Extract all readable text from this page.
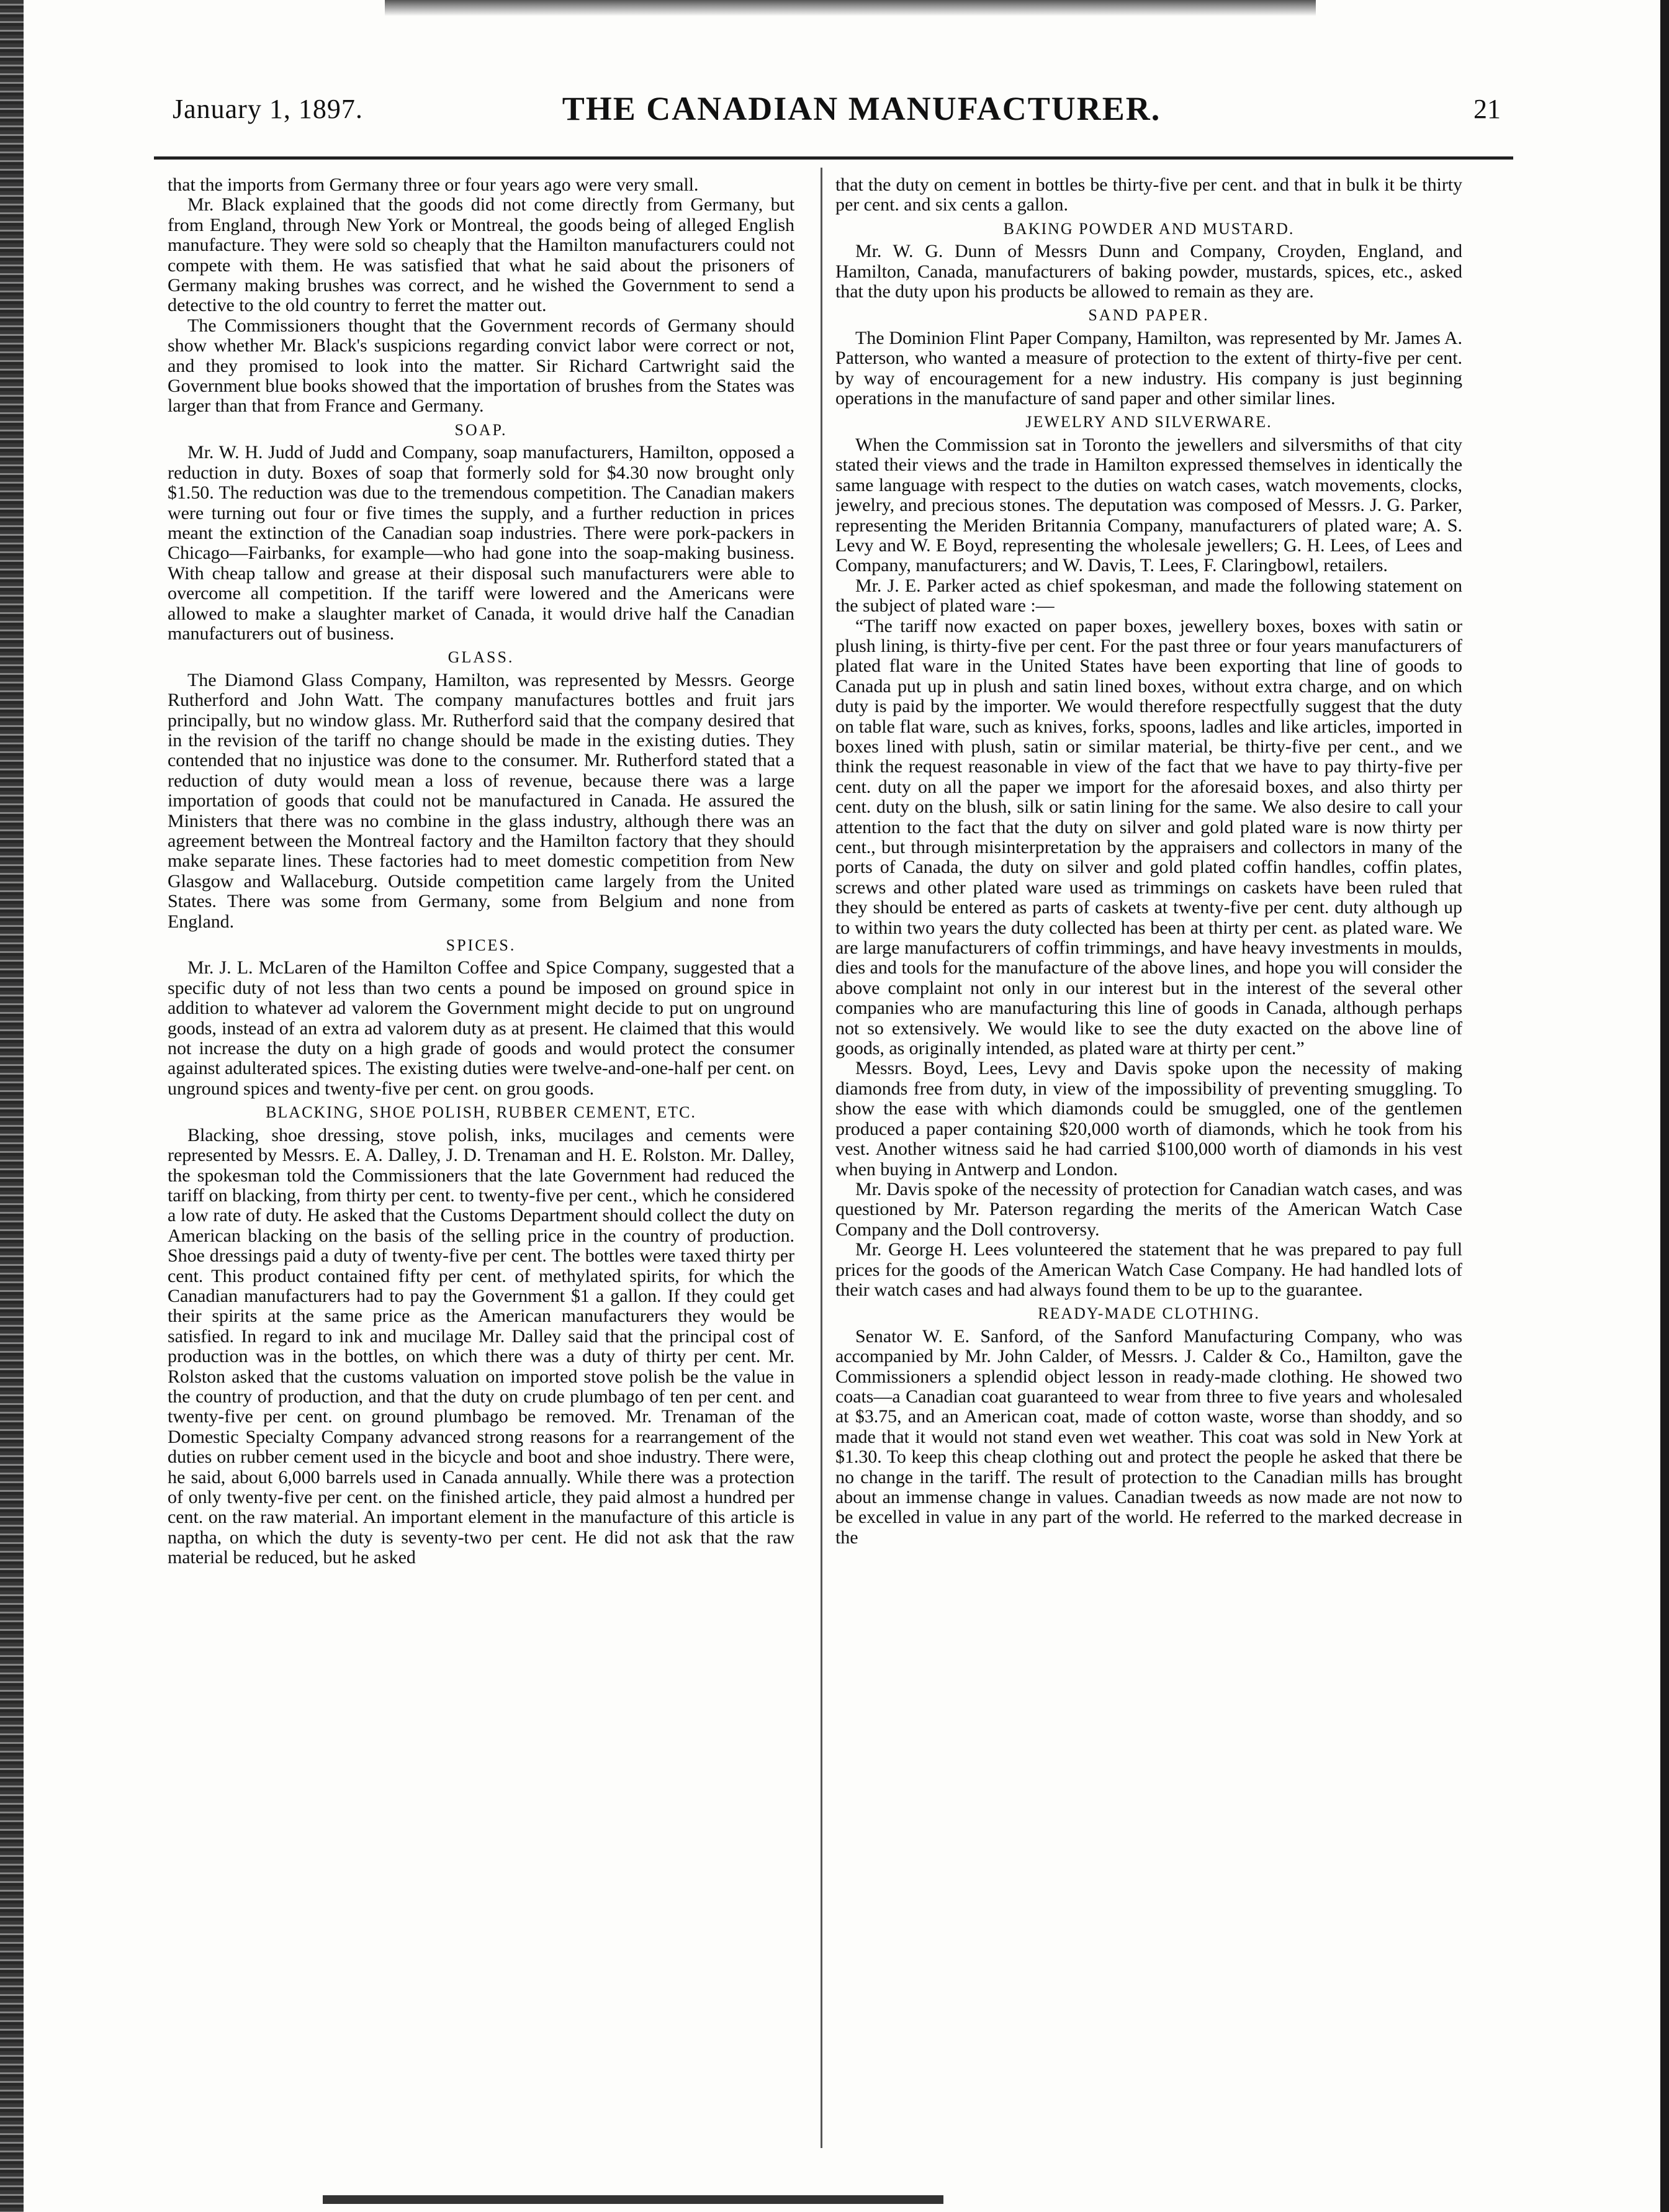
January 1, 1897.	THE CANADIAN MANUFACTURER.	21

that the imports from Germany three or four years ago were very small.

Mr. Black explained that the goods did not come directly from Germany, but from England, through New York or Montreal, the goods being of alleged English manufacture. They were sold so cheaply that the Hamilton manufacturers could not compete with them. He was satisfied that what he said about the prisoners of Germany making brushes was correct, and he wished the Government to send a detective to the old country to ferret the matter out.

The Commissioners thought that the Government records of Germany should show whether Mr. Black's suspicions regarding convict labor were correct or not, and they promised to look into the matter. Sir Richard Cartwright said the Government blue books showed that the importation of brushes from the States was larger than that from France and Germany.

SOAP.

Mr. W. H. Judd of Judd and Company, soap manufacturers, Hamilton, opposed a reduction in duty. Boxes of soap that formerly sold for $4.30 now brought only $1.50. The reduction was due to the tremendous competition. The Canadian makers were turning out four or five times the supply, and a further reduction in prices meant the extinction of the Canadian soap industries. There were pork-packers in Chicago—Fairbanks, for example—who had gone into the soap-making business. With cheap tallow and grease at their disposal such manufacturers were able to overcome all competition. If the tariff were lowered and the Americans were allowed to make a slaughter market of Canada, it would drive half the Canadian manufacturers out of business.

GLASS.

The Diamond Glass Company, Hamilton, was represented by Messrs. George Rutherford and John Watt. The company manufactures bottles and fruit jars principally, but no window glass. Mr. Rutherford said that the company desired that in the revision of the tariff no change should be made in the existing duties. They contended that no injustice was done to the consumer. Mr. Rutherford stated that a reduction of duty would mean a loss of revenue, because there was a large importation of goods that could not be manufactured in Canada. He assured the Ministers that there was no combine in the glass industry, although there was an agreement between the Montreal factory and the Hamilton factory that they should make separate lines. These factories had to meet domestic competition from New Glasgow and Wallaceburg. Outside competition came largely from the United States. There was some from Germany, some from Belgium and none from England.

SPICES.

Mr. J. L. McLaren of the Hamilton Coffee and Spice Company, suggested that a specific duty of not less than two cents a pound be imposed on ground spice in addition to whatever ad valorem the Government might decide to put on unground goods, instead of an extra ad valorem duty as at present. He claimed that this would not increase the duty on a high grade of goods and would protect the consumer against adulterated spices. The existing duties were twelve-and-one-half per cent. on unground spices and twenty-five per cent. on grou goods.

BLACKING, SHOE POLISH, RUBBER CEMENT, ETC.

Blacking, shoe dressing, stove polish, inks, mucilages and cements were represented by Messrs. E. A. Dalley, J. D. Trenaman and H. E. Rolston. Mr. Dalley, the spokesman told the Commissioners that the late Government had reduced the tariff on blacking, from thirty per cent. to twenty-five per cent., which he considered a low rate of duty. He asked that the Customs Department should collect the duty on American blacking on the basis of the selling price in the country of production. Shoe dressings paid a duty of twenty-five per cent. The bottles were taxed thirty per cent. This product contained fifty per cent. of methylated spirits, for which the Canadian manufacturers had to pay the Government $1 a gallon. If they could get their spirits at the same price as the American manufacturers they would be satisfied. In regard to ink and mucilage Mr. Dalley said that the principal cost of production was in the bottles, on which there was a duty of thirty per cent. Mr. Rolston asked that the customs valuation on imported stove polish be the value in the country of production, and that the duty on crude plumbago of ten per cent. and twenty-five per cent. on ground plumbago be removed. Mr. Trenaman of the Domestic Specialty Company advanced strong reasons for a rearrangement of the duties on rubber cement used in the bicycle and boot and shoe industry. There were, he said, about 6,000 barrels used in Canada annually. While there was a protection of only twenty-five per cent. on the finished article, they paid almost a hundred per cent. on the raw material. An important element in the manufacture of this article is naptha, on which the duty is seventy-two per cent. He did not ask that the raw material be reduced, but he asked

that the duty on cement in bottles be thirty-five per cent. and that in bulk it be thirty per cent. and six cents a gallon.

BAKING POWDER AND MUSTARD.

Mr. W. G. Dunn of Messrs Dunn and Company, Croyden, England, and Hamilton, Canada, manufacturers of baking powder, mustards, spices, etc., asked that the duty upon his products be allowed to remain as they are.

SAND PAPER.

The Dominion Flint Paper Company, Hamilton, was represented by Mr. James A. Patterson, who wanted a measure of protection to the extent of thirty-five per cent. by way of encouragement for a new industry. His company is just beginning operations in the manufacture of sand paper and other similar lines.

JEWELRY AND SILVERWARE.

When the Commission sat in Toronto the jewellers and silversmiths of that city stated their views and the trade in Hamilton expressed themselves in identically the same language with respect to the duties on watch cases, watch movements, clocks, jewelry, and precious stones. The deputation was composed of Messrs. J. G. Parker, representing the Meriden Britannia Company, manufacturers of plated ware; A. S. Levy and W. E Boyd, representing the wholesale jewellers; G. H. Lees, of Lees and Company, manufacturers; and W. Davis, T. Lees, F. Claringbowl, retailers.

Mr. J. E. Parker acted as chief spokesman, and made the following statement on the subject of plated ware :—

“The tariff now exacted on paper boxes, jewellery boxes, boxes with satin or plush lining, is thirty-five per cent. For the past three or four years manufacturers of plated flat ware in the United States have been exporting that line of goods to Canada put up in plush and satin lined boxes, without extra charge, and on which duty is paid by the importer. We would therefore respectfully suggest that the duty on table flat ware, such as knives, forks, spoons, ladles and like articles, imported in boxes lined with plush, satin or similar material, be thirty-five per cent., and we think the request reasonable in view of the fact that we have to pay thirty-five per cent. duty on all the paper we import for the aforesaid boxes, and also thirty per cent. duty on the blush, silk or satin lining for the same. We also desire to call your attention to the fact that the duty on silver and gold plated ware is now thirty per cent., but through misinterpretation by the appraisers and collectors in many of the ports of Canada, the duty on silver and gold plated coffin handles, coffin plates, screws and other plated ware used as trimmings on caskets have been ruled that they should be entered as parts of caskets at twenty-five per cent. duty although up to within two years the duty collected has been at thirty per cent. as plated ware. We are large manufacturers of coffin trimmings, and have heavy investments in moulds, dies and tools for the manufacture of the above lines, and hope you will consider the above complaint not only in our interest but in the interest of the several other companies who are manufacturing this line of goods in Canada, although perhaps not so extensively. We would like to see the duty exacted on the above line of goods, as originally intended, as plated ware at thirty per cent.”

Messrs. Boyd, Lees, Levy and Davis spoke upon the necessity of making diamonds free from duty, in view of the impossibility of preventing smuggling. To show the ease with which diamonds could be smuggled, one of the gentlemen produced a paper containing $20,000 worth of diamonds, which he took from his vest. Another witness said he had carried $100,000 worth of diamonds in his vest when buying in Antwerp and London.

Mr. Davis spoke of the necessity of protection for Canadian watch cases, and was questioned by Mr. Paterson regarding the merits of the American Watch Case Company and the Doll controversy.

Mr. George H. Lees volunteered the statement that he was prepared to pay full prices for the goods of the American Watch Case Company. He had handled lots of their watch cases and had always found them to be up to the guarantee.

READY-MADE CLOTHING.

Senator W. E. Sanford, of the Sanford Manufacturing Company, who was accompanied by Mr. John Calder, of Messrs. J. Calder & Co., Hamilton, gave the Commissioners a splendid object lesson in ready-made clothing. He showed two coats—a Canadian coat guaranteed to wear from three to five years and wholesaled at $3.75, and an American coat, made of cotton waste, worse than shoddy, and so made that it would not stand even wet weather. This coat was sold in New York at $1.30. To keep this cheap clothing out and protect the people he asked that there be no change in the tariff. The result of protection to the Canadian mills has brought about an immense change in values. Canadian tweeds as now made are not now to be excelled in value in any part of the world. He referred to the marked decrease in the
